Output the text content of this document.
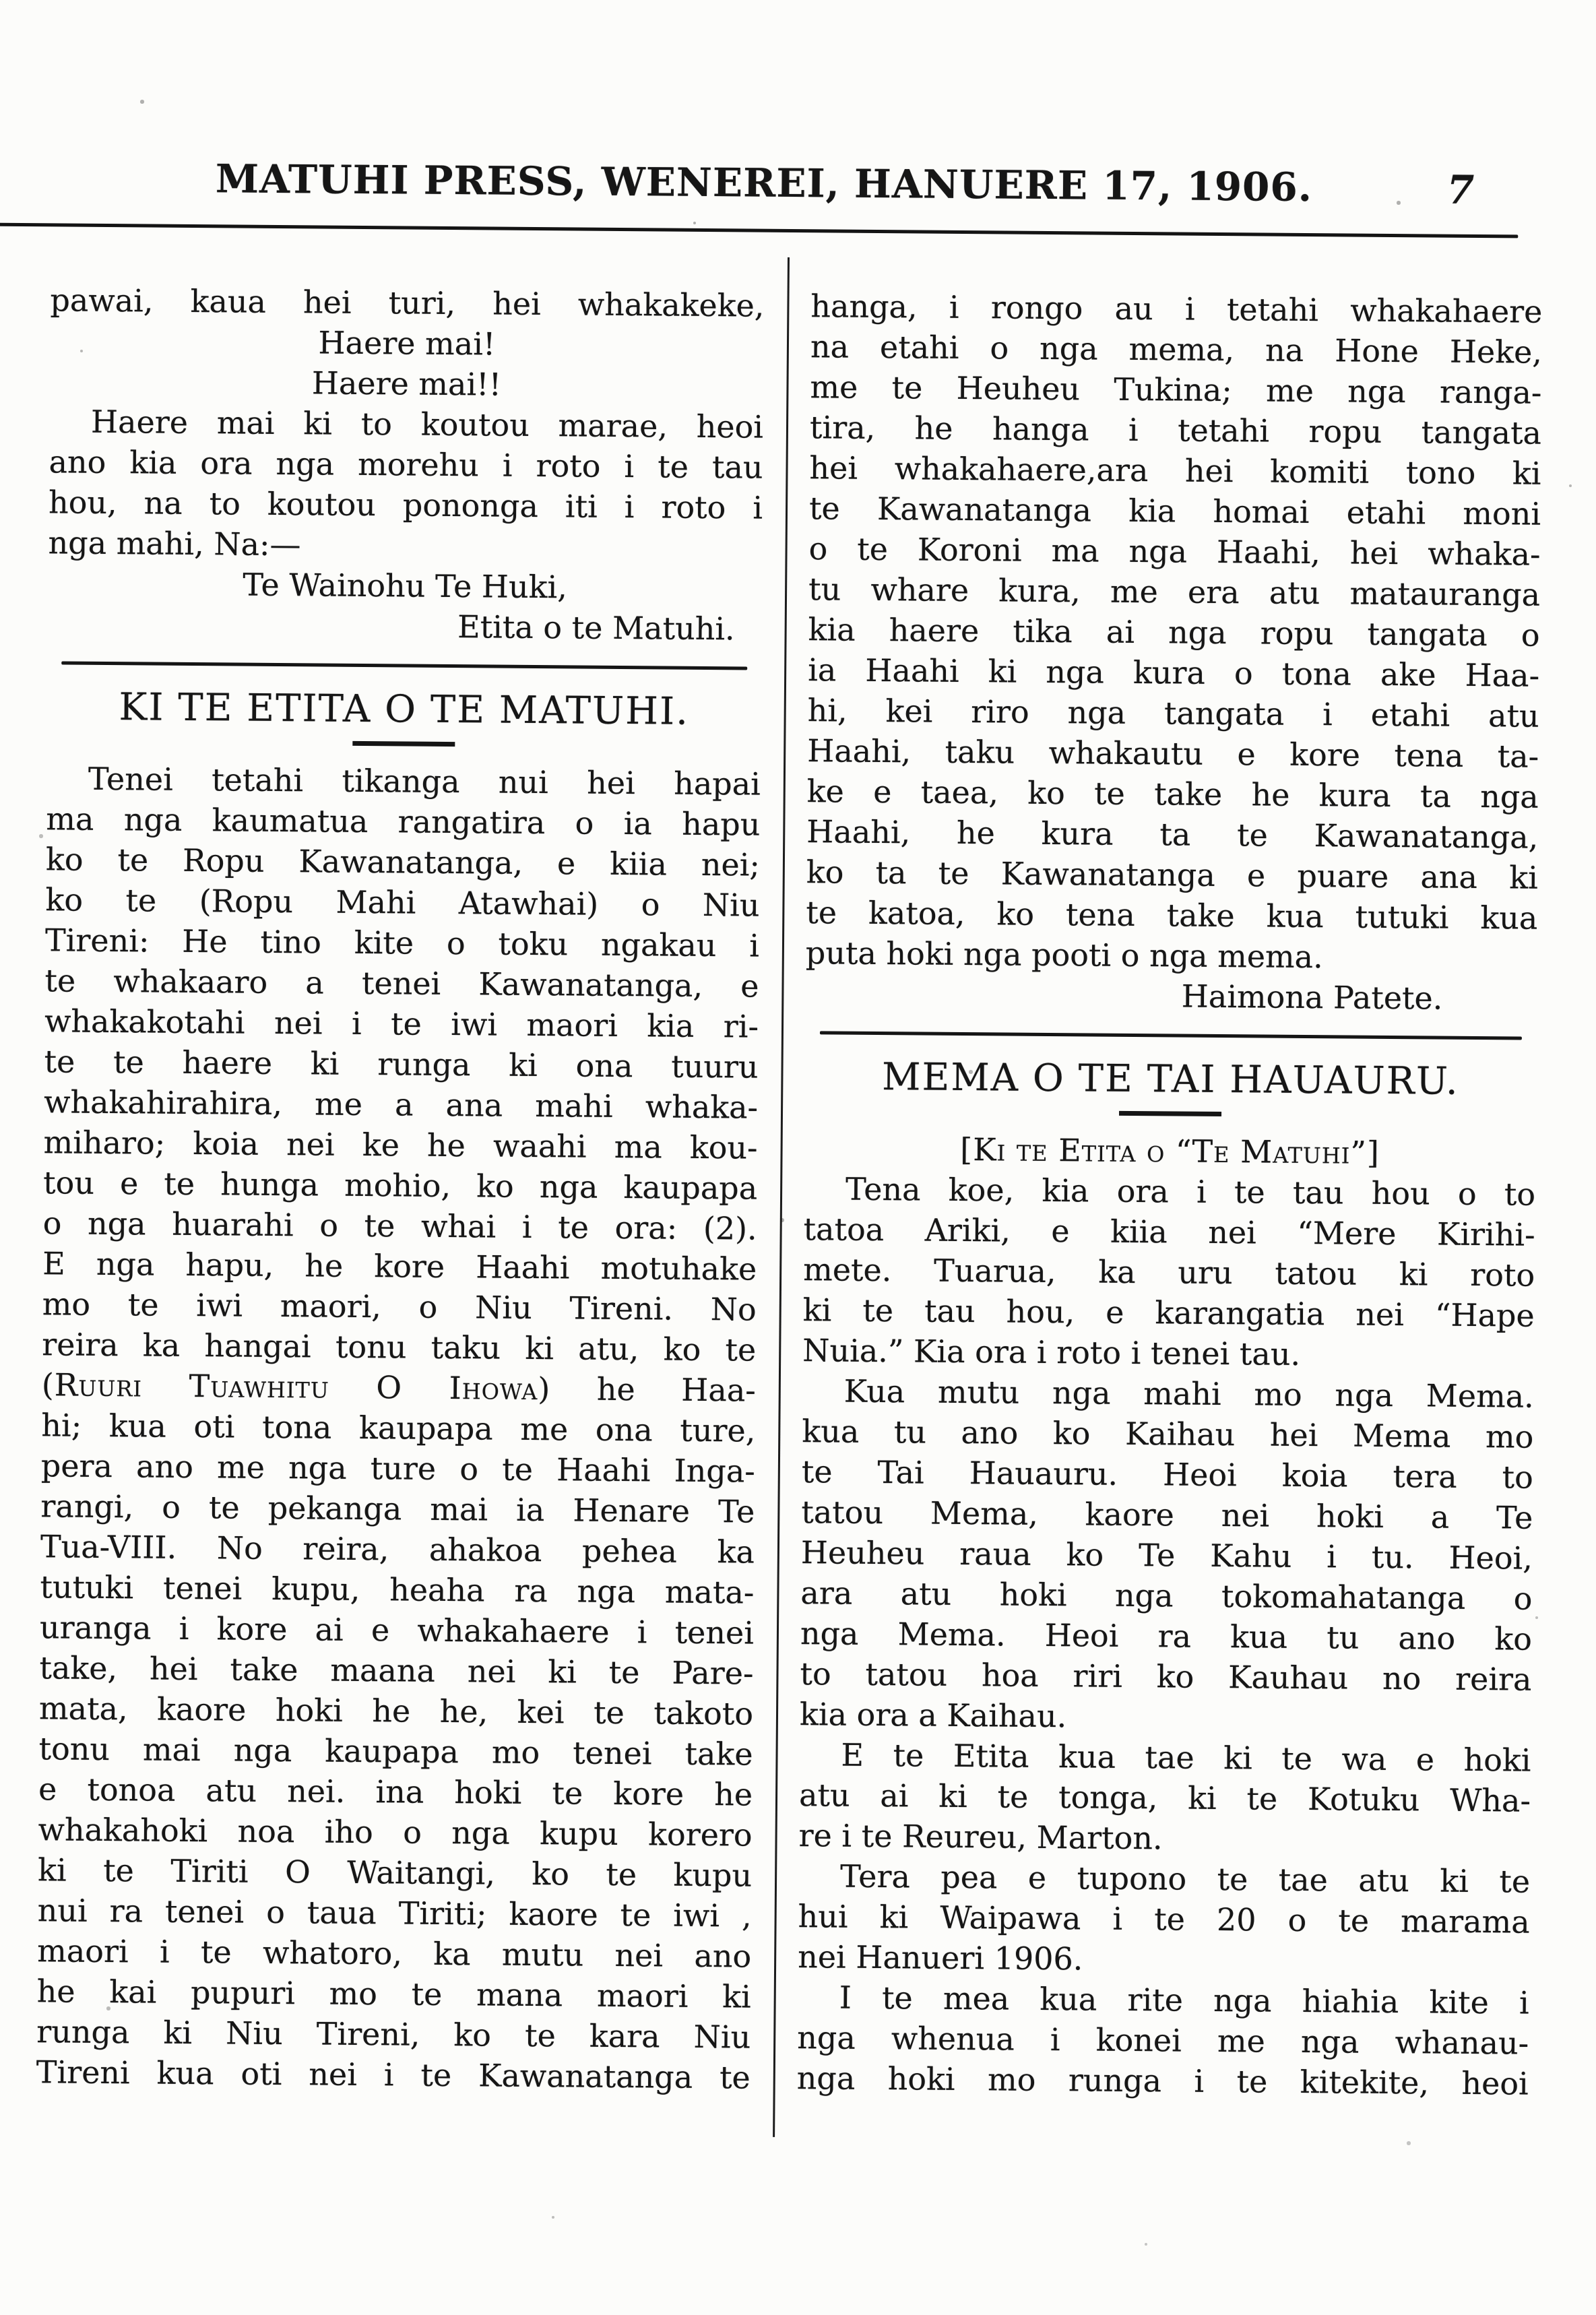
MATUHI PRESS, WENEREI, HANUERE 17, 1906.	7
pawai, kaua hei turi, hei whakakeke,
Haere mai!
Haere mai!!
Haere mai ki to koutou marae, heoi
ano kia ora nga morehu i roto i te tau
hou, na to koutou pononga iti i roto i
nga mahi, Na:—
Te Wainohu Te Huki,
Etita o te Matuhi.
KI TE ETITA O TE MATUHI.
Tenei tetahi tikanga nui hei hapai
ma nga kaumatua rangatira o ia hapu
ko te Ropu Kawanatanga, e kiia nei;
ko te (Ropu Mahi Atawhai) o Niu
Tireni: He tino kite o toku ngakau i
te whakaaro a tenei Kawanatanga, e
whakakotahi nei i te iwi maori kia ri-
te te haere ki runga ki ona tuuru
whakahirahira, me a ana mahi whaka-
miharo; koia nei ke he waahi ma kou-
tou e te hunga mohio, ko nga kaupapa
o nga huarahi o te whai i te ora: (2).
E nga hapu, he kore Haahi motuhake
mo te iwi maori, o Niu Tireni. No
reira ka hangai tonu taku ki atu, ko te
(Ruuri Tuawhitu O Ihowa) he Haa-
hi; kua oti tona kaupapa me ona ture,
pera ano me nga ture o te Haahi Inga-
rangi, o te pekanga mai ia Henare Te
Tua-VIII. No reira, ahakoa pehea ka
tutuki tenei kupu, heaha ra nga mata-
uranga i kore ai e whakahaere i tenei
take, hei take maana nei ki te Pare-
mata, kaore hoki he he, kei te takoto
tonu mai nga kaupapa mo tenei take
e tonoa atu nei. ina hoki te kore he
whakahoki noa iho o nga kupu korero
ki te Tiriti O Waitangi, ko te kupu
nui ra tenei o taua Tiriti; kaore te iwi ,
maori i te whatoro, ka mutu nei ano
he kai pupuri mo te mana maori ki
runga ki Niu Tireni, ko te kara Niu
Tireni kua oti nei i te Kawanatanga te
hanga, i rongo au i tetahi whakahaere
na etahi o nga mema, na Hone Heke,
me te Heuheu Tukina; me nga ranga-
tira, he hanga i tetahi ropu tangata
hei whakahaere,ara hei komiti tono ki
te Kawanatanga kia homai etahi moni
o te Koroni ma nga Haahi, hei whaka-
tu whare kura, me era atu matauranga
kia haere tika ai nga ropu tangata o
ia Haahi ki nga kura o tona ake Haa-
hi, kei riro nga tangata i etahi atu
Haahi, taku whakautu e kore tena ta-
ke e taea, ko te take he kura ta nga
Haahi, he kura ta te Kawanatanga,
ko ta te Kawanatanga e puare ana ki
te katoa, ko tena take kua tutuki kua
puta hoki nga pooti o nga mema.
Haimona Patete.
MEMA O TE TAI HAUAURU.
[Ki te Etita o “Te Matuhi”]
Tena koe, kia ora i te tau hou o to
tatoa Ariki, e kiia nei “Mere Kirihi-
mete. Tuarua, ka uru tatou ki roto
ki te tau hou, e karangatia nei “Hape
Nuia.” Kia ora i roto i tenei tau.
Kua mutu nga mahi mo nga Mema.
kua tu ano ko Kaihau hei Mema mo
te Tai Hauauru. Heoi koia tera to
tatou Mema, kaore nei hoki a Te
Heuheu raua ko Te Kahu i tu. Heoi,
ara atu hoki nga tokomahatanga o
nga Mema. Heoi ra kua tu ano ko
to tatou hoa riri ko Kauhau no reira
kia ora a Kaihau.
E te Etita kua tae ki te wa e hoki
atu ai ki te tonga, ki te Kotuku Wha-
re i te Reureu, Marton.
Tera pea e tupono te tae atu ki te
hui ki Waipawa i te 20 o te marama
nei Hanueri 1906.
I te mea kua rite nga hiahia kite i
nga whenua i konei me nga whanau-
nga hoki mo runga i te kitekite, heoi
